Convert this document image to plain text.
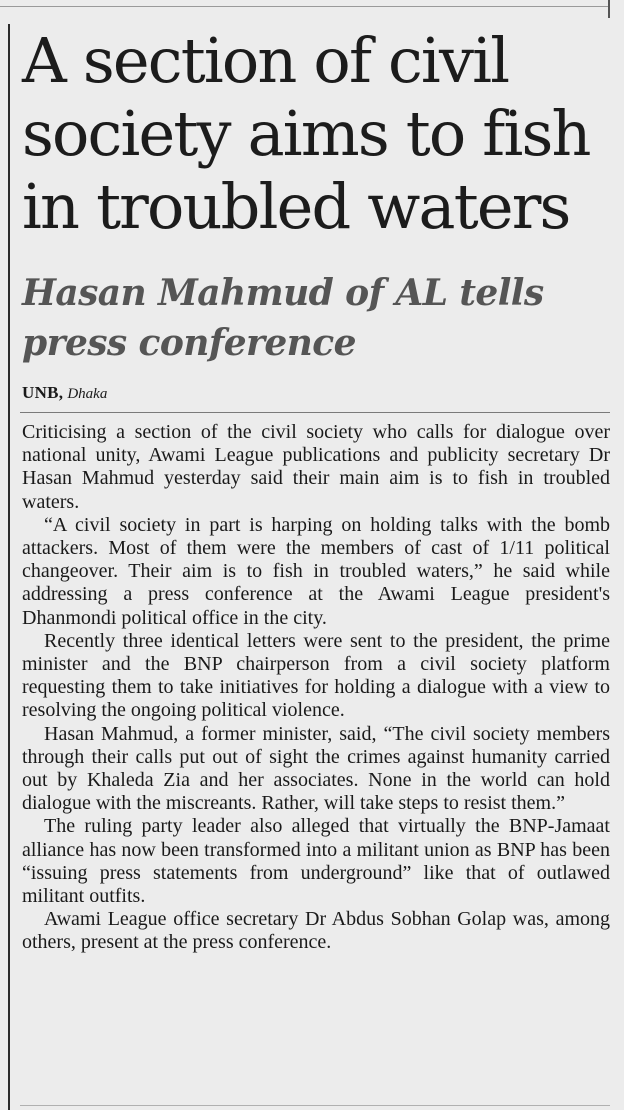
A section of civil society aims to fish in troubled waters
Hasan Mahmud of AL tells press conference
UNB, Dhaka

Criticising a section of the civil society who calls for dialogue over national unity, Awami League publications and publicity secretary Dr Hasan Mahmud yesterday said their main aim is to fish in troubled waters.

“A civil society in part is harping on holding talks with the bomb attackers. Most of them were the members of cast of 1/11 political changeover. Their aim is to fish in troubled waters,” he said while addressing a press conference at the Awami League president's Dhanmondi political office in the city.

Recently three identical letters were sent to the president, the prime minister and the BNP chairperson from a civil society platform requesting them to take initiatives for holding a dialogue with a view to resolving the ongoing political violence.

Hasan Mahmud, a former minister, said, “The civil society members through their calls put out of sight the crimes against humanity carried out by Khaleda Zia and her associates. None in the world can hold dialogue with the miscreants. Rather, will take steps to resist them.”

The ruling party leader also alleged that virtually the BNP-Jamaat alliance has now been transformed into a militant union as BNP has been “issuing press statements from underground” like that of outlawed militant outfits.

Awami League office secretary Dr Abdus Sobhan Golap was, among others, present at the press conference.
